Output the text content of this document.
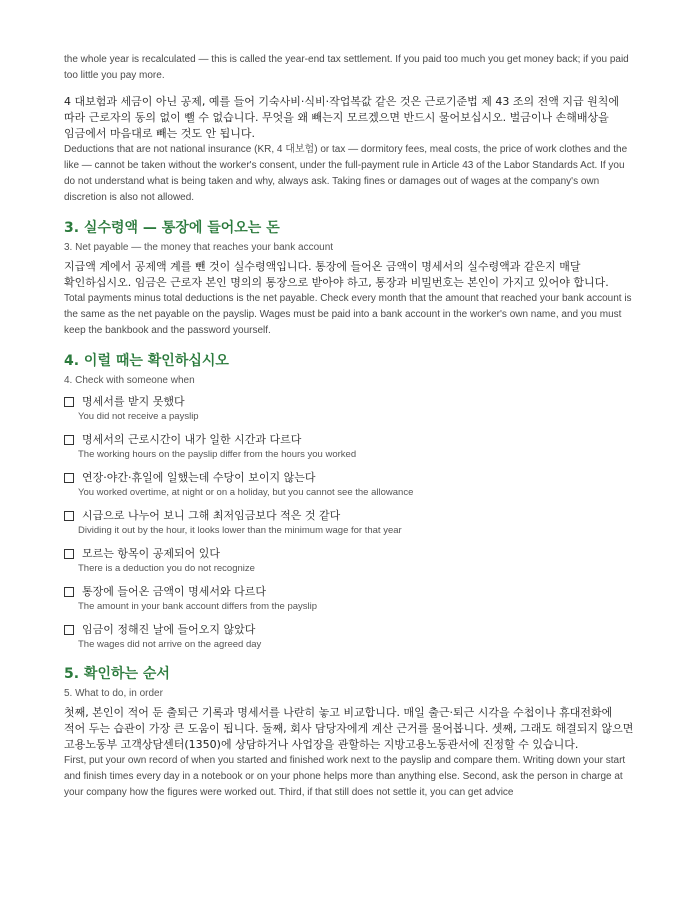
the whole year is recalculated — this is called the year-end tax settlement. If you paid too much you get money back; if you paid too little you pay more.

4 대보험과 세금이 아닌 공제, 예를 들어 기숙사비·식비·작업복값 같은 것은 근로기준법 제 43 조의 전액 지급 원칙에 따라 근로자의 동의 없이 뺄 수 없습니다. 무엇을 왜 빼는지 모르겠으면 반드시 물어보십시오. 벌금이나 손해배상을 임금에서 마음대로 빼는 것도 안 됩니다.

Deductions that are not national insurance (KR, 4 대보험) or tax — dormitory fees, meal costs, the price of work clothes and the like — cannot be taken without the worker's consent, under the full-payment rule in Article 43 of the Labor Standards Act. If you do not understand what is being taken and why, always ask. Taking fines or damages out of wages at the company's own discretion is also not allowed.

3. 실수령액 — 통장에 들어오는 돈
3. Net payable — the money that reaches your bank account

지급액 계에서 공제액 계를 뺀 것이 실수령액입니다. 통장에 들어온 금액이 명세서의 실수령액과 같은지 매달 확인하십시오. 임금은 근로자 본인 명의의 통장으로 받아야 하고, 통장과 비밀번호는 본인이 가지고 있어야 합니다.

Total payments minus total deductions is the net payable. Check every month that the amount that reached your bank account is the same as the net payable on the payslip. Wages must be paid into a bank account in the worker's own name, and you must keep the bankbook and the password yourself.

4. 이럴 때는 확인하십시오
4. Check with someone when
명세서를 받지 못했다
You did not receive a payslip
명세서의 근로시간이 내가 일한 시간과 다르다
The working hours on the payslip differ from the hours you worked
연장·야간·휴일에 일했는데 수당이 보이지 않는다
You worked overtime, at night or on a holiday, but you cannot see the allowance
시급으로 나누어 보니 그해 최저임금보다 적은 것 같다
Dividing it out by the hour, it looks lower than the minimum wage for that year
모르는 항목이 공제되어 있다
There is a deduction you do not recognize
통장에 들어온 금액이 명세서와 다르다
The amount in your bank account differs from the payslip
임금이 정해진 날에 들어오지 않았다
The wages did not arrive on the agreed day
5. 확인하는 순서
5. What to do, in order

첫째, 본인이 적어 둔 출퇴근 기록과 명세서를 나란히 놓고 비교합니다. 매일 출근·퇴근 시각을 수첩이나 휴대전화에 적어 두는 습관이 가장 큰 도움이 됩니다. 둘째, 회사 담당자에게 계산 근거를 물어봅니다. 셋째, 그래도 해결되지 않으면 고용노동부 고객상담센터(1350)에 상담하거나 사업장을 관할하는 지방고용노동관서에 진정할 수 있습니다.

First, put your own record of when you started and finished work next to the payslip and compare them. Writing down your start and finish times every day in a notebook or on your phone helps more than anything else. Second, ask the person in charge at your company how the figures were worked out. Third, if that still does not settle it, you can get advice
